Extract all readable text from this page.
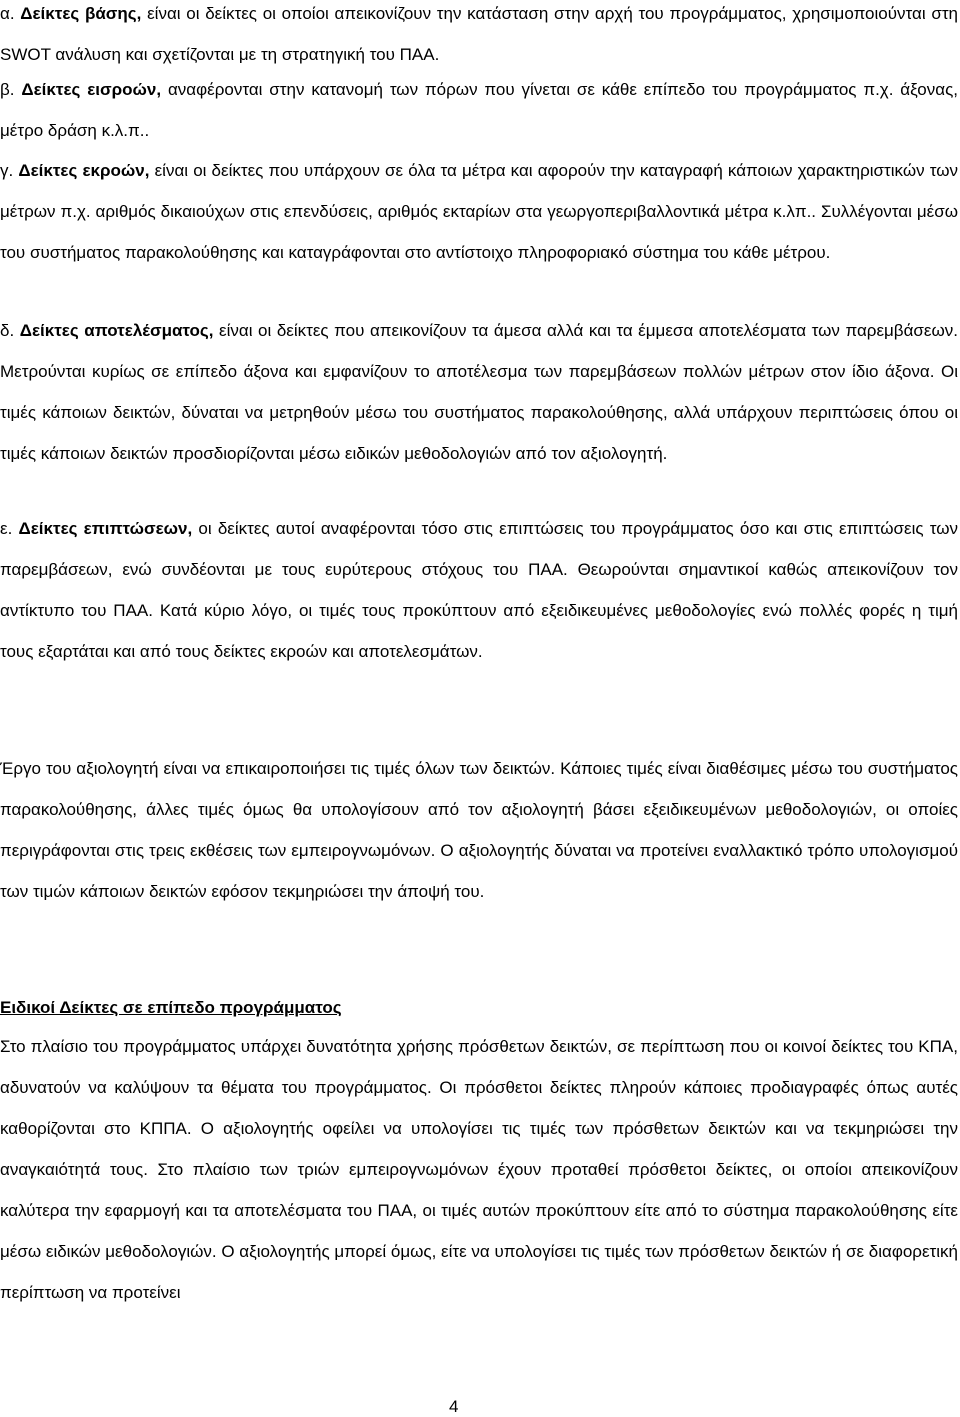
α. Δείκτες βάσης, είναι οι δείκτες οι οποίοι απεικονίζουν την κατάσταση στην αρχή του προγράμματος, χρησιμοποιούνται στη SWOT ανάλυση και σχετίζονται με τη στρατηγική του ΠΑΑ.

β. Δείκτες εισροών, αναφέρονται στην κατανομή των πόρων που γίνεται σε κάθε επίπεδο του προγράμματος π.χ. άξονας, μέτρο δράση κ.λ.π..

γ. Δείκτες εκροών, είναι οι δείκτες που υπάρχουν σε όλα τα μέτρα και αφορούν την καταγραφή κάποιων χαρακτηριστικών των μέτρων π.χ. αριθμός δικαιούχων στις επενδύσεις, αριθμός εκταρίων στα γεωργοπεριβαλλοντικά μέτρα κ.λπ.. Συλλέγονται μέσω του συστήματος παρακολούθησης και καταγράφονται στο αντίστοιχο πληροφοριακό σύστημα του κάθε μέτρου.

δ. Δείκτες αποτελέσματος, είναι οι δείκτες που απεικονίζουν τα άμεσα αλλά και τα έμμεσα αποτελέσματα των παρεμβάσεων. Μετρούνται κυρίως σε επίπεδο άξονα και εμφανίζουν το αποτέλεσμα των παρεμβάσεων πολλών μέτρων στον ίδιο άξονα. Οι τιμές κάποιων δεικτών, δύναται να μετρηθούν μέσω του συστήματος παρακολούθησης, αλλά υπάρχουν περιπτώσεις όπου οι τιμές κάποιων δεικτών προσδιορίζονται μέσω ειδικών μεθοδολογιών από τον αξιολογητή.

ε. Δείκτες επιπτώσεων, οι δείκτες αυτοί αναφέρονται τόσο στις επιπτώσεις του προγράμματος όσο και στις επιπτώσεις των παρεμβάσεων, ενώ συνδέονται με τους ευρύτερους στόχους του ΠΑΑ. Θεωρούνται σημαντικοί καθώς απεικονίζουν τον αντίκτυπο του ΠΑΑ. Κατά κύριο λόγο, οι τιμές τους προκύπτουν από εξειδικευμένες μεθοδολογίες ενώ πολλές φορές η τιμή τους εξαρτάται και από τους δείκτες εκροών και αποτελεσμάτων.

Έργο του αξιολογητή είναι να επικαιροποιήσει τις τιμές όλων των δεικτών. Κάποιες τιμές είναι διαθέσιμες μέσω του συστήματος παρακολούθησης, άλλες τιμές όμως θα υπολογίσουν από τον αξιολογητή βάσει εξειδικευμένων μεθοδολογιών, οι οποίες περιγράφονται στις τρεις εκθέσεις των εμπειρογνωμόνων. Ο αξιολογητής δύναται να προτείνει εναλλακτικό τρόπο υπολογισμού των τιμών κάποιων δεικτών εφόσον τεκμηριώσει την άποψή του.

Ειδικοί Δείκτες σε επίπεδο προγράμματος

Στο πλαίσιο του προγράμματος υπάρχει δυνατότητα χρήσης πρόσθετων δεικτών, σε περίπτωση που οι κοινοί δείκτες του ΚΠΑ, αδυνατούν να καλύψουν τα θέματα του προγράμματος. Οι πρόσθετοι δείκτες πληρούν κάποιες προδιαγραφές όπως αυτές καθορίζονται στο ΚΠΠΑ. Ο αξιολογητής οφείλει να υπολογίσει τις τιμές των πρόσθετων δεικτών και να τεκμηριώσει την αναγκαιότητά τους. Στο πλαίσιο των τριών εμπειρογνωμόνων έχουν προταθεί πρόσθετοι δείκτες, οι οποίοι απεικονίζουν καλύτερα την εφαρμογή και τα αποτελέσματα του ΠΑΑ, οι τιμές αυτών προκύπτουν είτε από το σύστημα παρακολούθησης είτε μέσω ειδικών μεθοδολογιών. Ο αξιολογητής μπορεί όμως, είτε να υπολογίσει τις τιμές των πρόσθετων δεικτών ή σε διαφορετική περίπτωση να προτείνει

4
